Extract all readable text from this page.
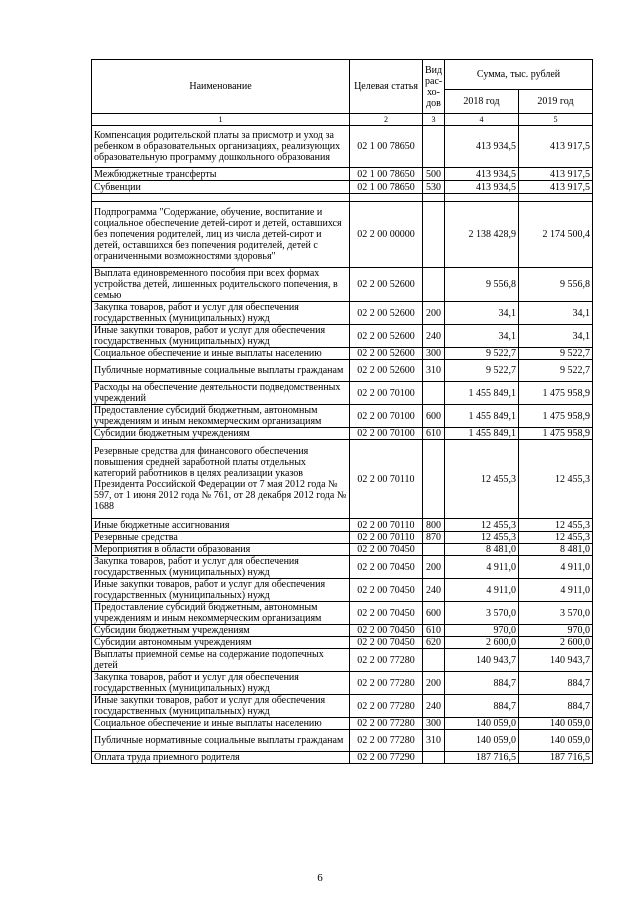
Наименование	Целевая статья	Вид рас-
хо-
дов	Сумма, тыс. рублей	
			2018 год	2019 год
1	2	3	4	5
Компенсация родительской платы за присмотр и уход за ребенком в образовательных организациях, реализующих образовательную программу дошкольного образования	02 1 00 78650		413 934,5	413 917,5
Межбюджетные трансферты	02 1 00 78650	500	413 934,5	413 917,5
Субвенции	02 1 00 78650	530	413 934,5	413 917,5

Подпрограмма "Содержание, обучение, воспитание и социальное обеспечение детей-сирот и детей, оставшихся без попечения родителей, лиц из числа детей-сирот и детей, оставшихся без попечения родителей, детей с ограниченными возможностями здоровья"	02 2 00 00000		2 138 428,9	2 174 500,4
Выплата единовременного пособия при всех формах устройства детей, лишенных родительского попечения, в семью	02 2 00 52600		9 556,8	9 556,8
Закупка товаров, работ и услуг для обеспечения государственных (муниципальных) нужд	02 2 00 52600	200	34,1	34,1
Иные закупки товаров, работ и услуг для обеспечения государственных (муниципальных) нужд	02 2 00 52600	240	34,1	34,1
Социальное обеспечение и иные выплаты населению	02 2 00 52600	300	9 522,7	9 522,7
Публичные нормативные социальные выплаты гражданам	02 2 00 52600	310	9 522,7	9 522,7
Расходы на обеспечение деятельности подведомственных учреждений	02 2 00 70100		1 455 849,1	1 475 958,9
Предоставление субсидий бюджетным, автономным учреждениям и иным некоммерческим организациям	02 2 00 70100	600	1 455 849,1	1 475 958,9
Субсидии бюджетным учреждениям	02 2 00 70100	610	1 455 849,1	1 475 958,9
Резервные средства для финансового обеспечения повышения средней заработной платы отдельных категорий работников в целях реализации указов Президента Российской Федерации от 7 мая 2012 года № 597, от 1 июня 2012 года № 761, от 28 декабря 2012 года № 1688	02 2 00 70110		12 455,3	12 455,3
Иные бюджетные ассигнования	02 2 00 70110	800	12 455,3	12 455,3
Резервные средства	02 2 00 70110	870	12 455,3	12 455,3
Мероприятия в области образования	02 2 00 70450		8 481,0	8 481,0
Закупка товаров, работ и услуг для обеспечения государственных (муниципальных) нужд	02 2 00 70450	200	4 911,0	4 911,0
Иные закупки товаров, работ и услуг для обеспечения государственных (муниципальных) нужд	02 2 00 70450	240	4 911,0	4 911,0
Предоставление субсидий бюджетным, автономным учреждениям и иным некоммерческим организациям	02 2 00 70450	600	3 570,0	3 570,0
Субсидии бюджетным учреждениям	02 2 00 70450	610	970,0	970,0
Субсидии автономным учреждениям	02 2 00 70450	620	2 600,0	2 600,0
Выплаты приемной семье на содержание подопечных детей	02 2 00 77280		140 943,7	140 943,7
Закупка товаров, работ и услуг для обеспечения государственных (муниципальных) нужд	02 2 00 77280	200	884,7	884,7
Иные закупки товаров, работ и услуг для обеспечения государственных (муниципальных) нужд	02 2 00 77280	240	884,7	884,7
Социальное обеспечение и иные выплаты населению	02 2 00 77280	300	140 059,0	140 059,0
Публичные нормативные социальные выплаты гражданам	02 2 00 77280	310	140 059,0	140 059,0
Оплата труда приемного родителя	02 2 00 77290		187 716,5	187 716,5
6
